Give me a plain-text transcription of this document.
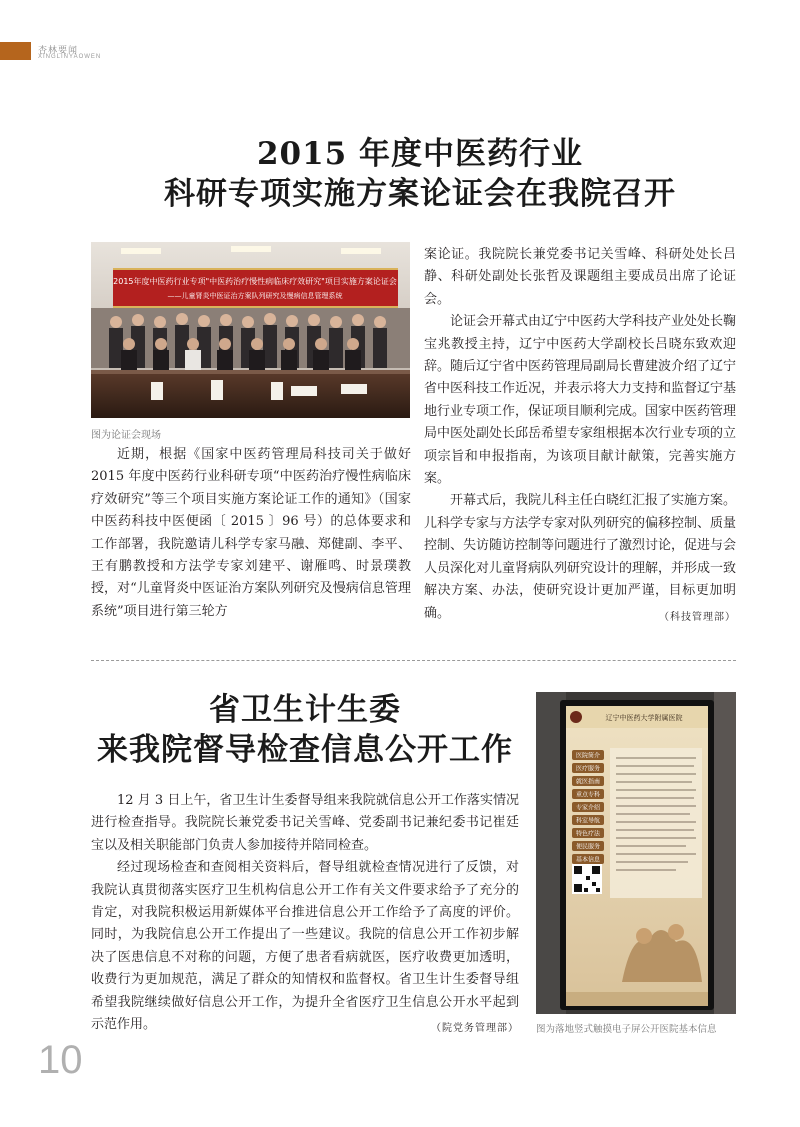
杏林要闻
XINGLINYAOWEN
2015 年度中医药行业
科研专项实施方案论证会在我院召开
2015年度中医药行业专项"中医药治疗慢性病临床疗效研究"项目实施方案论证会
——儿童肾炎中医证治方案队列研究及慢病信息管理系统
图为论证会现场

近期，根据《国家中医药管理局科技司关于做好 2015 年度中医药行业科研专项“中医药治疗慢性病临床疗效研究”等三个项目实施方案论证工作的通知》（国家中医药科技中医便函〔 2015 〕96 号）的总体要求和工作部署，我院邀请儿科学专家马融、郑健副、李平、王有鹏教授和方法学专家刘建平、谢雁鸣、时景璞教授，对“儿童肾炎中医证治方案队列研究及慢病信息管理系统”项目进行第三轮方

案论证。我院院长兼党委书记关雪峰、科研处处长吕静、科研处副处长张哲及课题组主要成员出席了论证会。

论证会开幕式由辽宁中医药大学科技产业处处长鞠宝兆教授主持，辽宁中医药大学副校长吕晓东致欢迎辞。随后辽宁省中医药管理局副局长曹建波介绍了辽宁省中医科技工作近况，并表示将大力支持和监督辽宁基地行业专项工作，保证项目顺利完成。国家中医药管理局中医处副处长邱岳希望专家组根据本次行业专项的立项宗旨和申报指南，为该项目献计献策，完善实施方案。

开幕式后，我院儿科主任白晓红汇报了实施方案。儿科学专家与方法学专家对队列研究的偏移控制、质量控制、失访随访控制等问题进行了激烈讨论，促进与会人员深化对儿童肾病队列研究设计的理解，并形成一致解决方案、办法，使研究设计更加严谨，目标更加明确。	（科技管理部）

省卫生计生委
来我院督导检查信息公开工作

12 月 3 日上午，省卫生计生委督导组来我院就信息公开工作落实情况进行检查指导。我院院长兼党委书记关雪峰、党委副书记兼纪委书记崔廷宝以及相关职能部门负责人参加接待并陪同检查。

经过现场检查和查阅相关资料后，督导组就检查情况进行了反馈，对我院认真贯彻落实医疗卫生机构信息公开工作有关文件要求给予了充分的肯定，对我院积极运用新媒体平台推进信息公开工作给予了高度的评价。同时，为我院信息公开工作提出了一些建议。我院的信息公开工作初步解决了医患信息不对称的问题，方便了患者看病就医，医疗收费更加透明，收费行为更加规范，满足了群众的知情权和监督权。省卫生计生委督导组希望我院继续做好信息公开工作，为提升全省医疗卫生信息公开水平起到示范作用。	（院党务管理部）

辽宁中医药大学附属医院
医院简介
医疗服务
就医指南
重点专科
专家介绍
科室导航
特色疗法
便民服务
基本信息
图为落地竖式触摸电子屏公开医院基本信息
10
